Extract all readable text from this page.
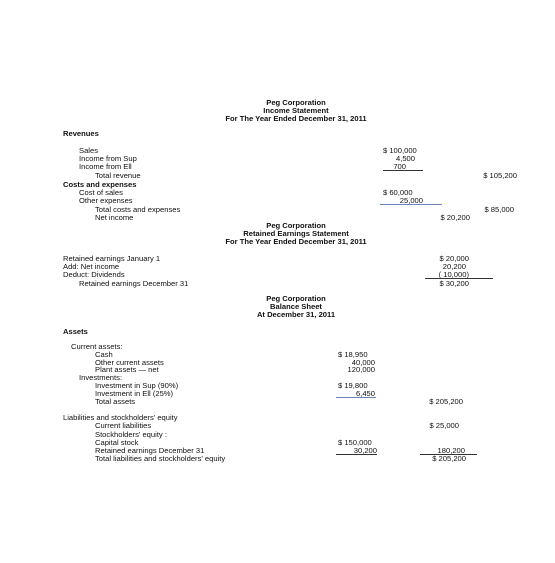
Peg Corporation
Income Statement
For The Year Ended December 31, 2011
Revenues
Sales	$ 100,000
Income from Sup	4,500
Income from Ell	700
Total revenue	$ 105,200
Costs and expenses
Cost of sales	$ 60,000
Other expenses	25,000
Total costs and expenses	$ 85,000
Net income	$ 20,200
Peg Corporation
Retained Earnings Statement
For The Year Ended December 31, 2011
Retained earnings January 1	$ 20,000
Add: Net income	20,200
Deduct: Dividends	( 10,000)
Retained earnings December 31	$ 30,200
Peg Corporation
Balance Sheet
At December 31, 2011
Assets
Current assets:
Cash	$ 18,950
Other current assets	40,000
Plant assets — net	120,000
Investments:
Investment in Sup (90%)	$ 19,800
Investment in Ell (25%)	6,450
Total assets	$ 205,200
Liabilities and stockholders' equity
Current liabilities	$ 25,000
Stockholders' equity :
Capital stock	$ 150,000
Retained earnings December 31	30,200	180,200
Total liabilities and stockholders' equity	$ 205,200
